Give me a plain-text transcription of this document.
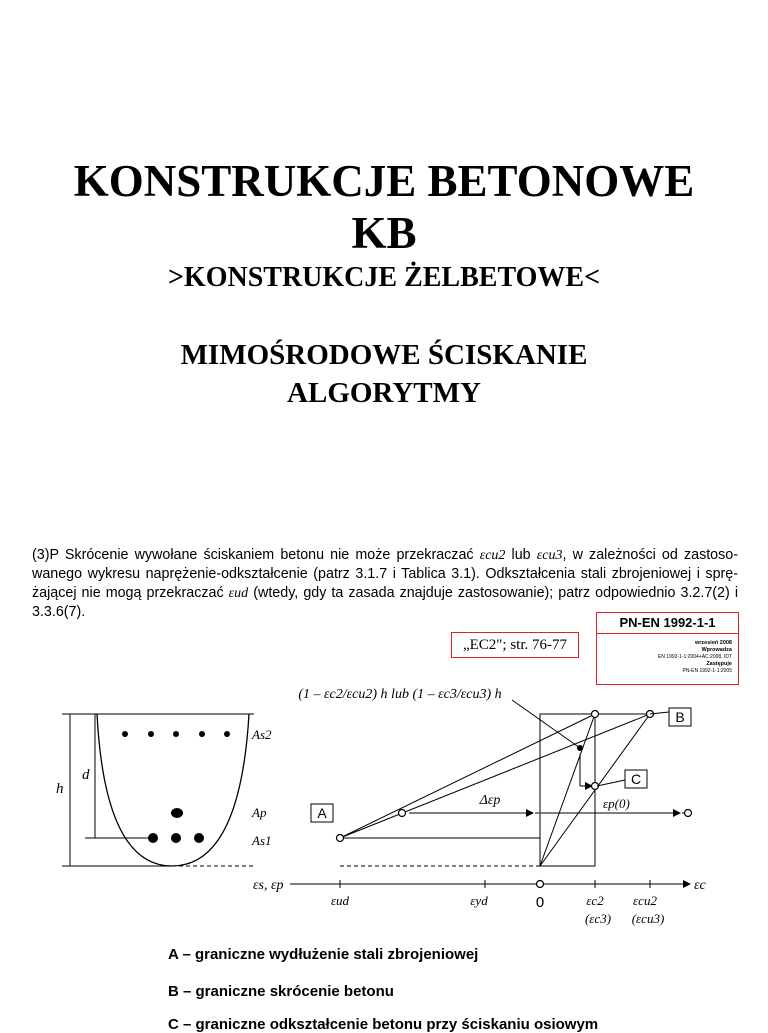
KONSTRUKCJE BETONOWE
KB
>KONSTRUKCJE ŻELBETOWE<
MIMOŚRODOWE ŚCISKANIE
ALGORYTMY
(3)P Skrócenie wywołane ściskaniem betonu nie może przekraczać εcu2 lub εcu3, w zależności od zastoso-wanego wykresu naprężenie-odkształcenie (patrz 3.1.7 i Tablica 3.1). Odkształcenia stali zbrojeniowej i sprę-żającej nie mogą przekraczać εud (wtedy, gdy ta zasada znajduje zastosowanie); patrz odpowiednio 3.2.7(2) i 3.3.6(7).
PN-EN 1992-1-1
wrzesień 2008
Wprowadza
EN 1992-1-1:2004+AC:2008, IDT
Zastępuje
PN-EN 1992-1-1:2005
„EC2"; str. 76-77
h
d
As2
Ap
As1
A
B
C
(1 – εc2/εcu2) h lub (1 – εc3/εcu3) h
Δεp	εp(0)
εs, εp	εc
εud	εyd	0	εc2
(εc3)
εcu2
(εcu3)
A – graniczne wydłużenie stali zbrojeniowej
B – graniczne skrócenie betonu
C – graniczne odkształcenie betonu przy ściskaniu osiowym
